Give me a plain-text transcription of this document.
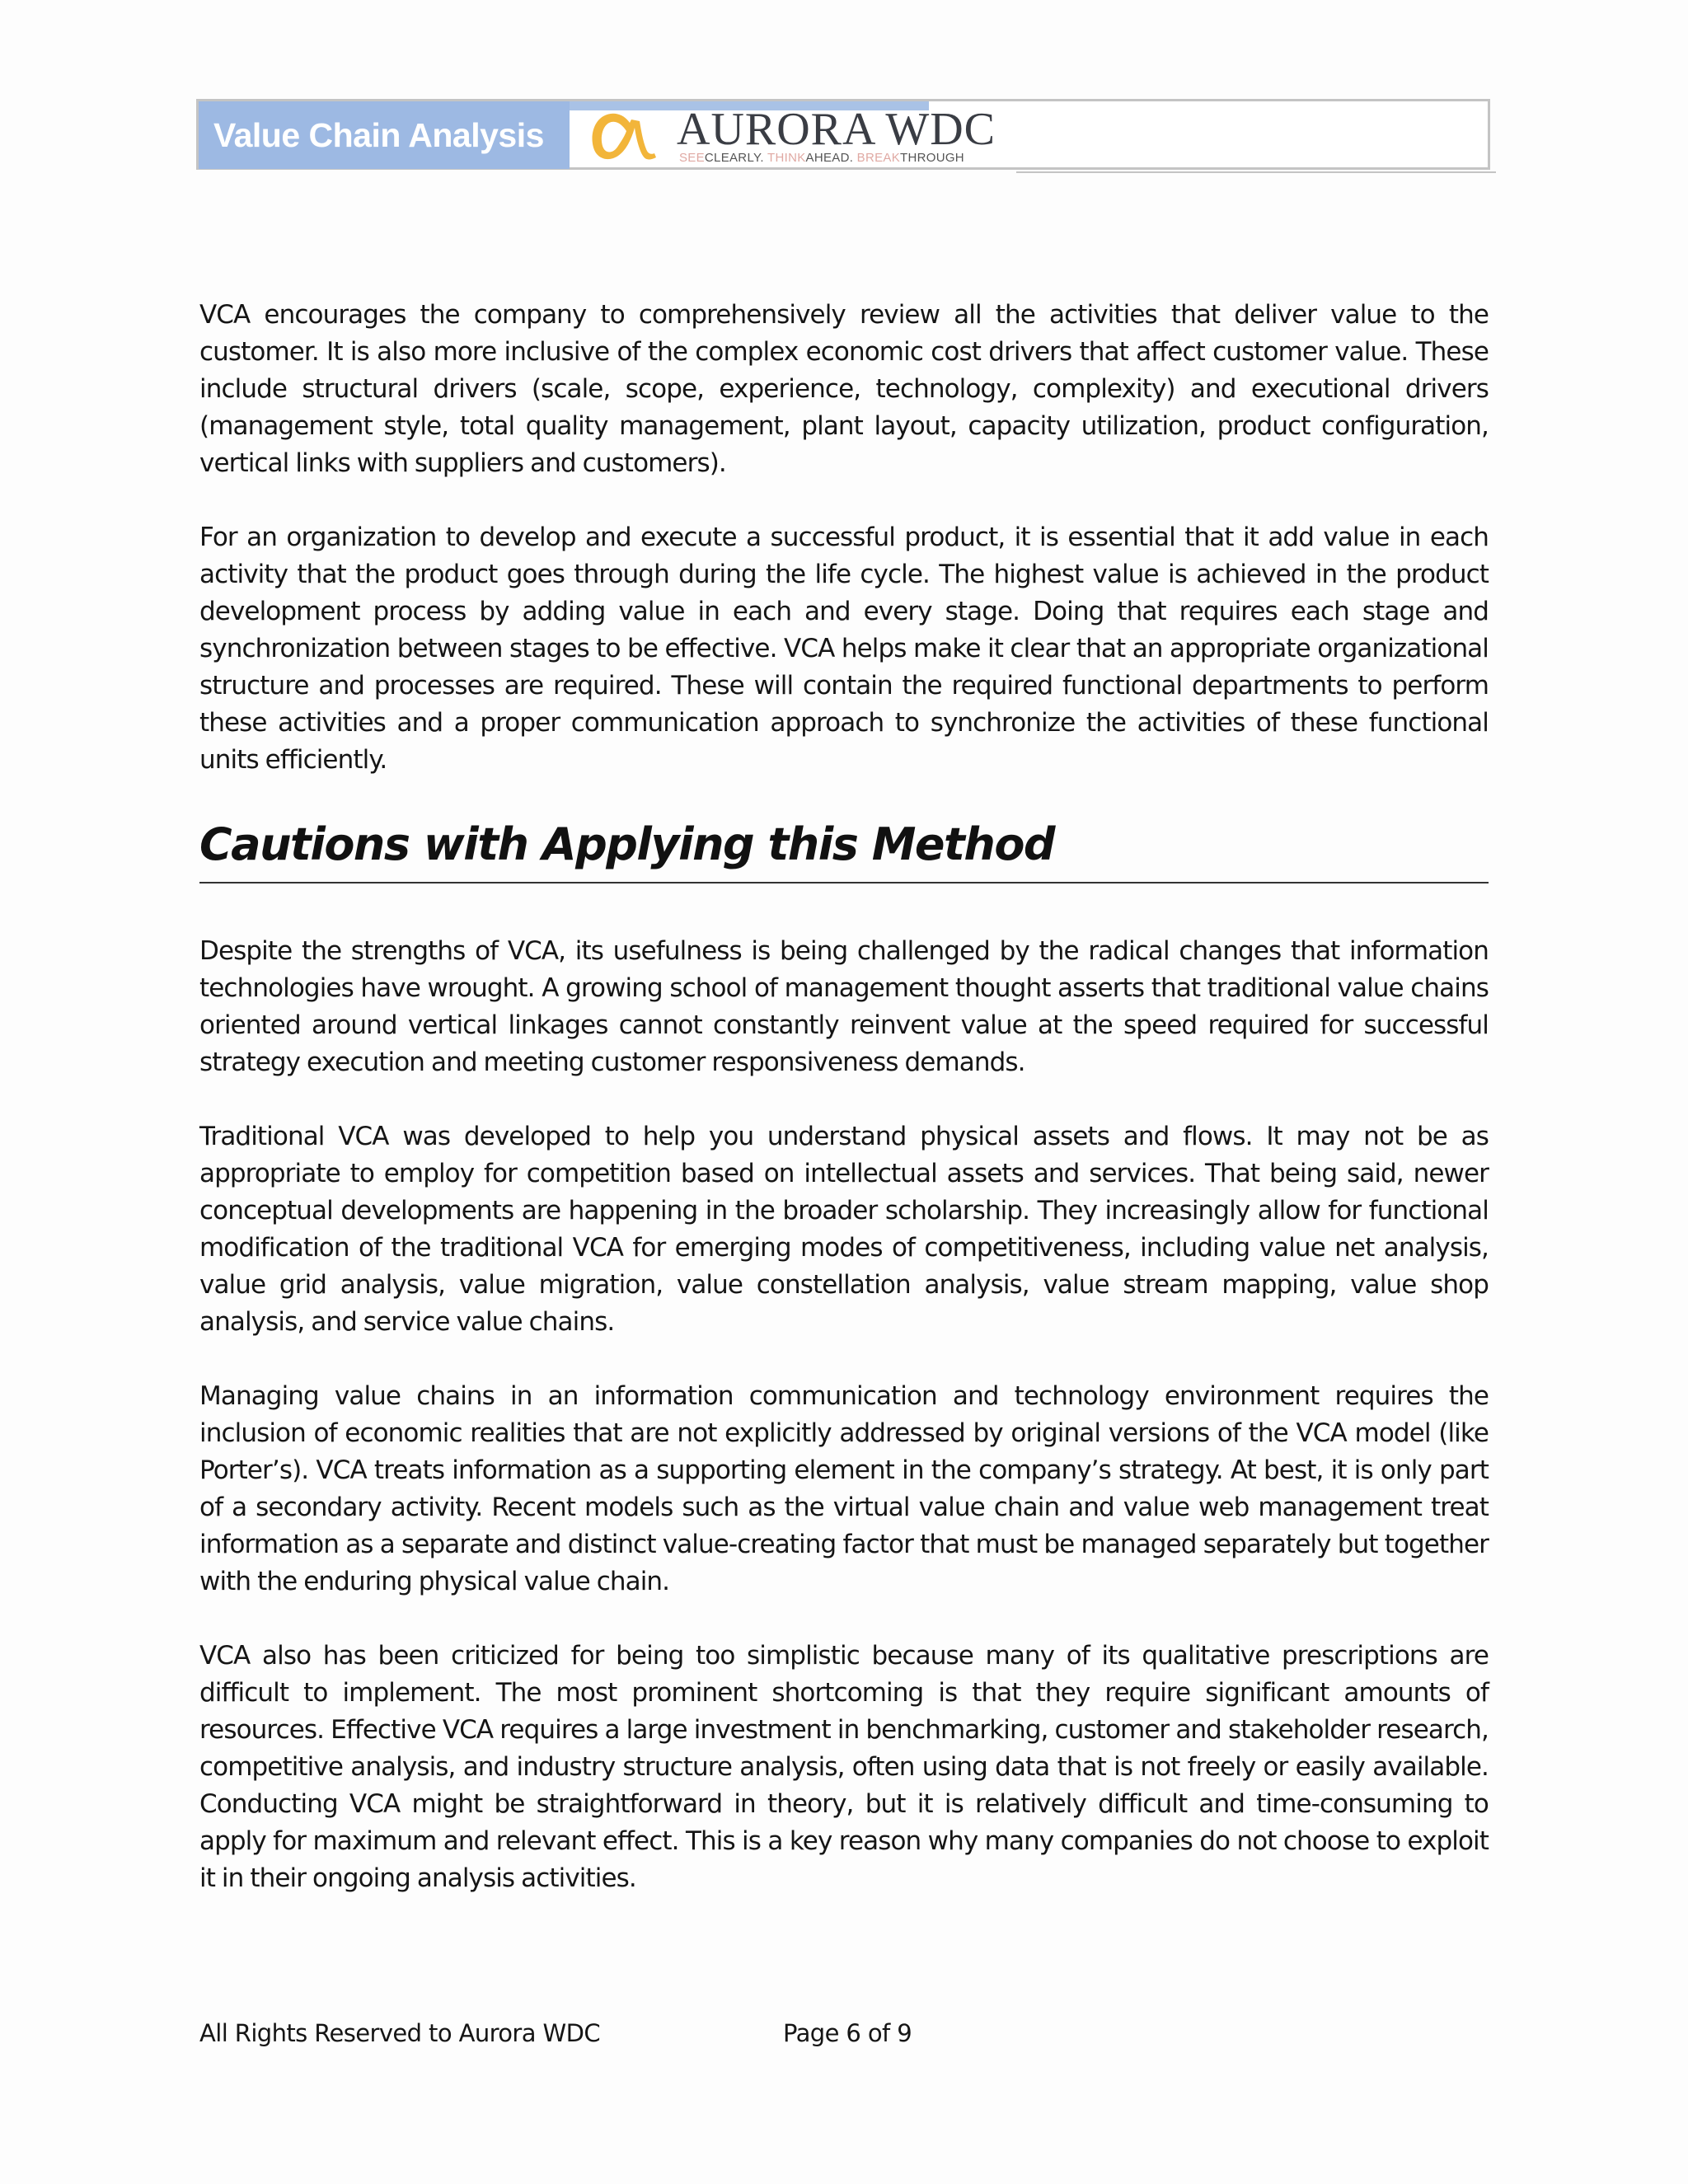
Value Chain Analysis	AURORA WDC
SEECLEARLY. THINKAHEAD. BREAKTHROUGH

VCA encourages the company to comprehensively review all the activities that deliver value to the customer. It is also more inclusive of the complex economic cost drivers that affect customer value. These include structural drivers (scale, scope, experience, technology, complexity) and executional drivers (management style, total quality management, plant layout, capacity utilization, product configuration, vertical links with suppliers and customers).

For an organization to develop and execute a successful product, it is essential that it add value in each activity that the product goes through during the life cycle. The highest value is achieved in the product development process by adding value in each and every stage. Doing that requires each stage and synchronization between stages to be effective. VCA helps make it clear that an appropriate organizational structure and processes are required. These will contain the required functional departments to perform these activities and a proper communication approach to synchronize the activities of these functional units efficiently.

Cautions with Applying this Method

Despite the strengths of VCA, its usefulness is being challenged by the radical changes that information technologies have wrought. A growing school of management thought asserts that traditional value chains oriented around vertical linkages cannot constantly reinvent value at the speed required for successful strategy execution and meeting customer responsiveness demands.

Traditional VCA was developed to help you understand physical assets and flows. It may not be as appropriate to employ for competition based on intellectual assets and services. That being said, newer conceptual developments are happening in the broader scholarship. They increasingly allow for functional modification of the traditional VCA for emerging modes of competitiveness, including value net analysis, value grid analysis, value migration, value constellation analysis, value stream mapping, value shop analysis, and service value chains.

Managing value chains in an information communication and technology environment requires the inclusion of economic realities that are not explicitly addressed by original versions of the VCA model (like Porter’s). VCA treats information as a supporting element in the company’s strategy. At best, it is only part of a secondary activity. Recent models such as the virtual value chain and value web management treat information as a separate and distinct value-creating factor that must be managed separately but together with the enduring physical value chain.

VCA also has been criticized for being too simplistic because many of its qualitative prescriptions are difficult to implement. The most prominent shortcoming is that they require significant amounts of resources. Effective VCA requires a large investment in benchmarking, customer and stakeholder research, competitive analysis, and industry structure analysis, often using data that is not freely or easily available. Conducting VCA might be straightforward in theory, but it is relatively difficult and time-consuming to apply for maximum and relevant effect. This is a key reason why many companies do not choose to exploit it in their ongoing analysis activities.

All Rights Reserved to Aurora WDC	Page 6 of 9
